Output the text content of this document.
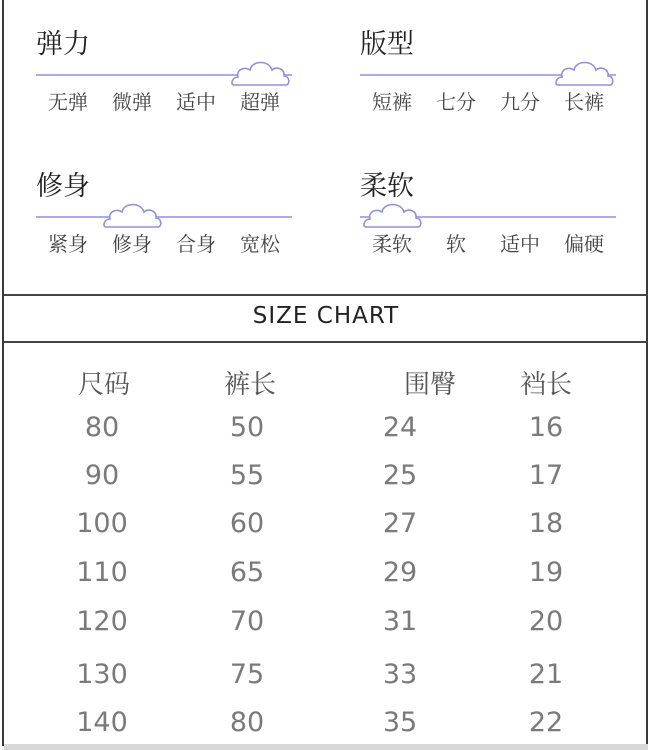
弹力
无弹	微弹	适中	超弹
版型
短裤	七分	九分	长裤
修身
紧身	修身	合身	宽松
柔软
柔软	软	适中	偏硬
SIZE CHART
尺码	裤长	围臀	裆长
80	50	24	16
90	55	25	17
100	60	27	18
110	65	29	19
120	70	31	20
130	75	33	21
140	80	35	22
